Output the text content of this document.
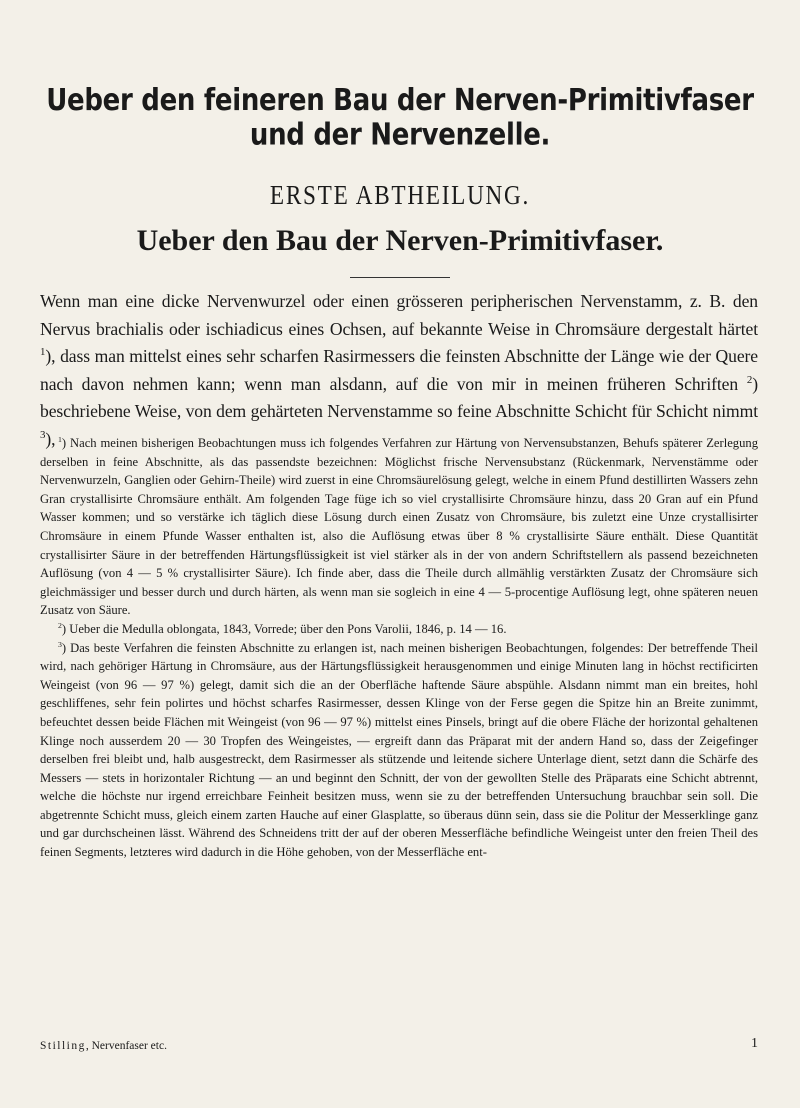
Ueber den feineren Bau der Nerven-Primitivfaser und der Nervenzelle.
ERSTE ABTHEILUNG.
Ueber den Bau der Nerven-Primitivfaser.

Wenn man eine dicke Nervenwurzel oder einen grösseren peripherischen Nervenstamm, z. B. den Nervus brachialis oder ischiadicus eines Ochsen, auf bekannte Weise in Chromsäure dergestalt härtet $^1$), dass man mittelst eines sehr scharfen Rasirmessers die feinsten Abschnitte der Länge wie der Quere nach davon nehmen kann; wenn man alsdann, auf die von mir in meinen früheren Schriften $^2$) beschriebene Weise, von dem gehärteten Nervenstamme so feine Abschnitte Schicht für Schicht nimmt $^3$), $^1$) Nach meinen bisherigen Beobachtungen muss ich folgendes Verfahren zur Härtung von Nervensubstanzen, Behufs späterer Zerlegung derselben in feine Abschnitte, als das passendste bezeichnen: Möglichst frische Nervensubstanz (Rückenmark, Nervenstämme oder Nervenwurzeln, Ganglien oder Gehirn-Theile) wird zuerst in eine Chromsäurelösung gelegt, welche in einem Pfund destillirten Wassers zehn Gran crystallisirte Chromsäure enthält. Am folgenden Tage füge ich so viel crystallisirte Chromsäure hinzu, dass 20 Gran auf ein Pfund Wasser kommen; und so verstärke ich täglich diese Lösung durch einen Zusatz von Chromsäure, bis zuletzt eine Unze crystallisirter Chromsäure in einem Pfunde Wasser enthalten ist, also die Auflösung etwas über 8 % crystallisirte Säure enthält. Diese Quantität crystallisirter Säure in der betreffenden Härtungsflüssigkeit ist viel stärker als in der von andern Schriftstellern als passend bezeichneten Auflösung (von 4 — 5 % crystallisirter Säure). Ich finde aber, dass die Theile durch allmählig verstärkten Zusatz der Chromsäure sich gleichmässiger und besser durch und durch härten, als wenn man sie sogleich in eine 4 — 5-procentige Auflösung legt, ohne späteren neuen Zusatz von Säure.

$^2$) Ueber die Medulla oblongata, 1843, Vorrede; über den Pons Varolii, 1846, p. 14 — 16.

$^3$) Das beste Verfahren die feinsten Abschnitte zu erlangen ist, nach meinen bisherigen Beobachtungen, folgendes: Der betreffende Theil wird, nach gehöriger Härtung in Chromsäure, aus der Härtungsflüssigkeit herausgenommen und einige Minuten lang in höchst rectificirten Weingeist (von 96 — 97 %) gelegt, damit sich die an der Oberfläche haftende Säure abspühle. Alsdann nimmt man ein breites, hohl geschliffenes, sehr fein polirtes und höchst scharfes Rasirmesser, dessen Klinge von der Ferse gegen die Spitze hin an Breite zunimmt, befeuchtet dessen beide Flächen mit Weingeist (von 96 — 97 %) mittelst eines Pinsels, bringt auf die obere Fläche der horizontal gehaltenen Klinge noch ausserdem 20 — 30 Tropfen des Weingeistes, — ergreift dann das Präparat mit der andern Hand so, dass der Zeigefinger derselben frei bleibt und, halb ausgestreckt, dem Rasirmesser als stützende und leitende sichere Unterlage dient, setzt dann die Schärfe des Messers — stets in horizontaler Richtung — an und beginnt den Schnitt, der von der gewollten Stelle des Präparats eine Schicht abtrennt, welche die höchste nur irgend erreichbare Feinheit besitzen muss, wenn sie zu der betreffenden Untersuchung brauchbar sein soll. Die abgetrennte Schicht muss, gleich einem zarten Hauche auf einer Glasplatte, so überaus dünn sein, dass sie die Politur der Messerklinge ganz und gar durchscheinen lässt. Während des Schneidens tritt der auf der oberen Messerfläche befindliche Weingeist unter den freien Theil des feinen Segments, letzteres wird dadurch in die Höhe gehoben, von der Messerfläche ent-

Stilling, Nervenfaser etc.	1
